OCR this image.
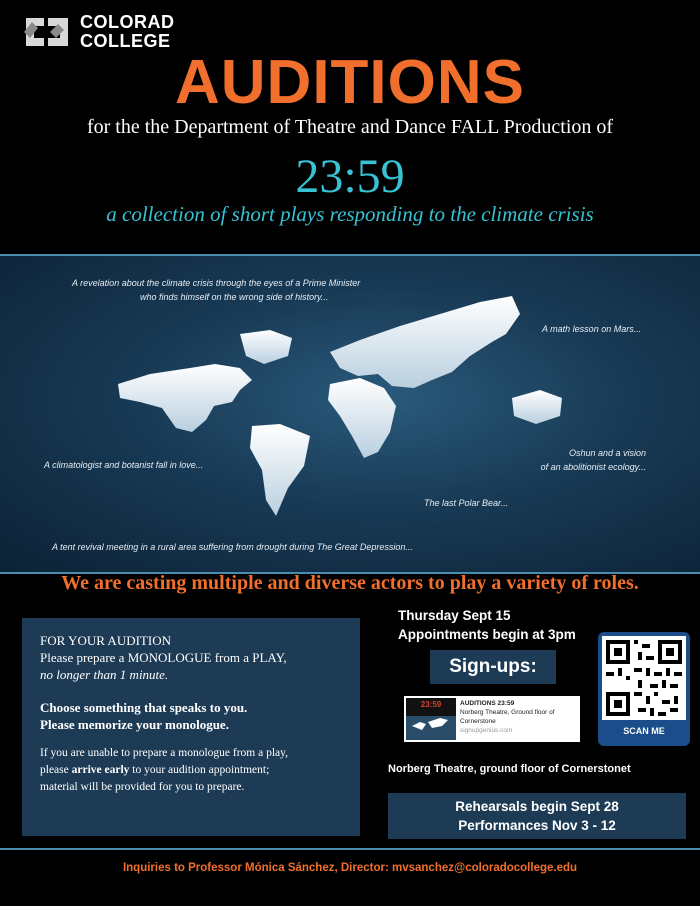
COLORAD
COLLEGE
AUDITIONS
for the the Department of Theatre and Dance FALL Production of
23:59
a collection of short plays responding to the climate crisis
A revelation about the climate crisis through the eyes of a Prime Minister
who finds himself on the wrong side of history...
A math lesson on Mars...
A climatologist and botanist fall in love...
Oshun and a vision
of an abolitionist ecology...
The last Polar Bear...
A tent revival meeting in a rural area suffering from drought during The Great Depression...
We are casting multiple and diverse actors to play a variety of roles.

FOR YOUR AUDITION

Please prepare a MONOLOGUE from a PLAY,

no longer than 1 minute.

Choose something that speaks to you.

Please memorize your monologue.

If you are unable to prepare a monologue from a play,

please arrive early to your audition appointment;

material will be provided for you to prepare.

Thursday Sept 15
Appointments begin at 3pm
Sign-ups:
23:59	AUDITIONS 23:59
Norberg Theatre, Ground floor of Cornerstone
signupgenius.com	SCAN ME
Norberg Theatre, ground floor of Cornerstonet
Rehearsals begin Sept 28
Performances Nov 3 - 12
Inquiries to Professor Mónica Sánchez, Director: mvsanchez@coloradocollege.edu
